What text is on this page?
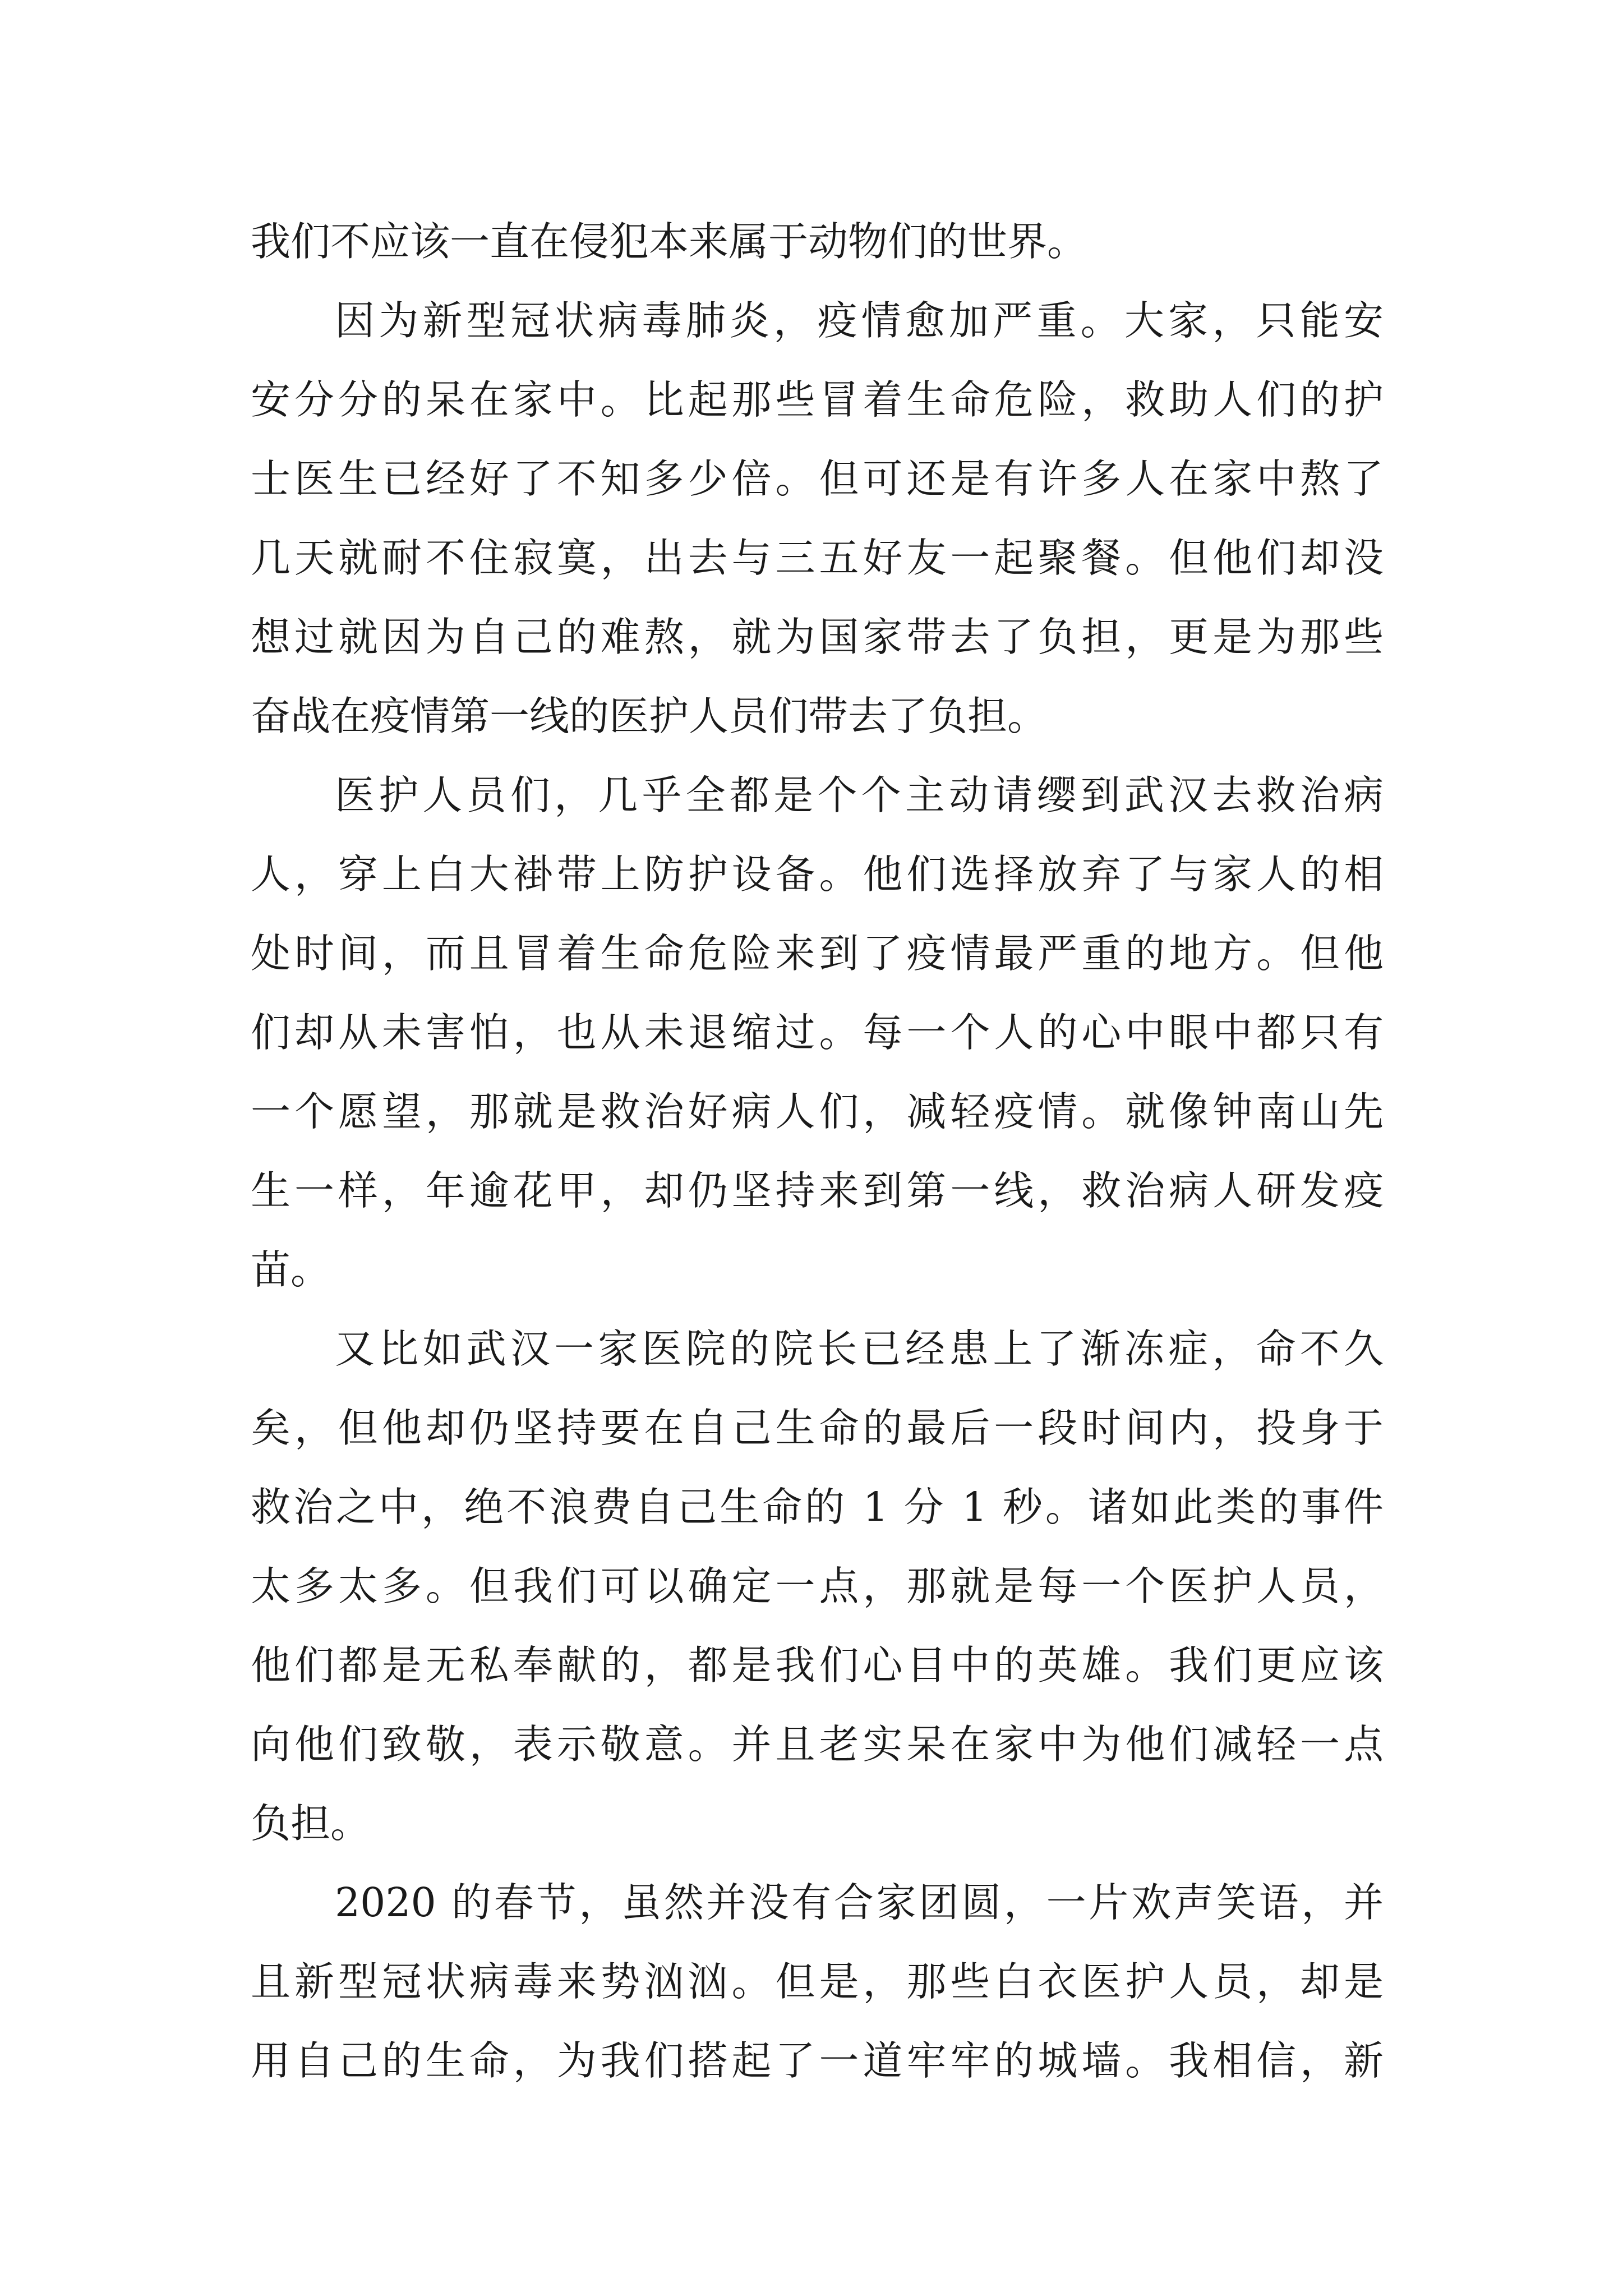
我们不应该一直在侵犯本来属于动物们的世界。
因为新型冠状病毒肺炎，疫情愈加严重。大家，只能安
安分分的呆在家中。比起那些冒着生命危险，救助人们的护
士医生已经好了不知多少倍。但可还是有许多人在家中熬了
几天就耐不住寂寞，出去与三五好友一起聚餐。但他们却没
想过就因为自己的难熬，就为国家带去了负担，更是为那些
奋战在疫情第一线的医护人员们带去了负担。
医护人员们，几乎全都是个个主动请缨到武汉去救治病
人，穿上白大褂带上防护设备。他们选择放弃了与家人的相
处时间，而且冒着生命危险来到了疫情最严重的地方。但他
们却从未害怕，也从未退缩过。每一个人的心中眼中都只有
一个愿望，那就是救治好病人们，减轻疫情。就像钟南山先
生一样，年逾花甲，却仍坚持来到第一线，救治病人研发疫
苗。
又比如武汉一家医院的院长已经患上了渐冻症，命不久
矣，但他却仍坚持要在自己生命的最后一段时间内，投身于
救治之中，绝不浪费自己生命的 1 分 1 秒。诸如此类的事件
太多太多。但我们可以确定一点，那就是每一个医护人员，
他们都是无私奉献的，都是我们心目中的英雄。我们更应该
向他们致敬，表示敬意。并且老实呆在家中为他们减轻一点
负担。
2020 的春节，虽然并没有合家团圆，一片欢声笑语，并
且新型冠状病毒来势汹汹。但是，那些白衣医护人员，却是
用自己的生命，为我们搭起了一道牢牢的城墙。我相信，新
